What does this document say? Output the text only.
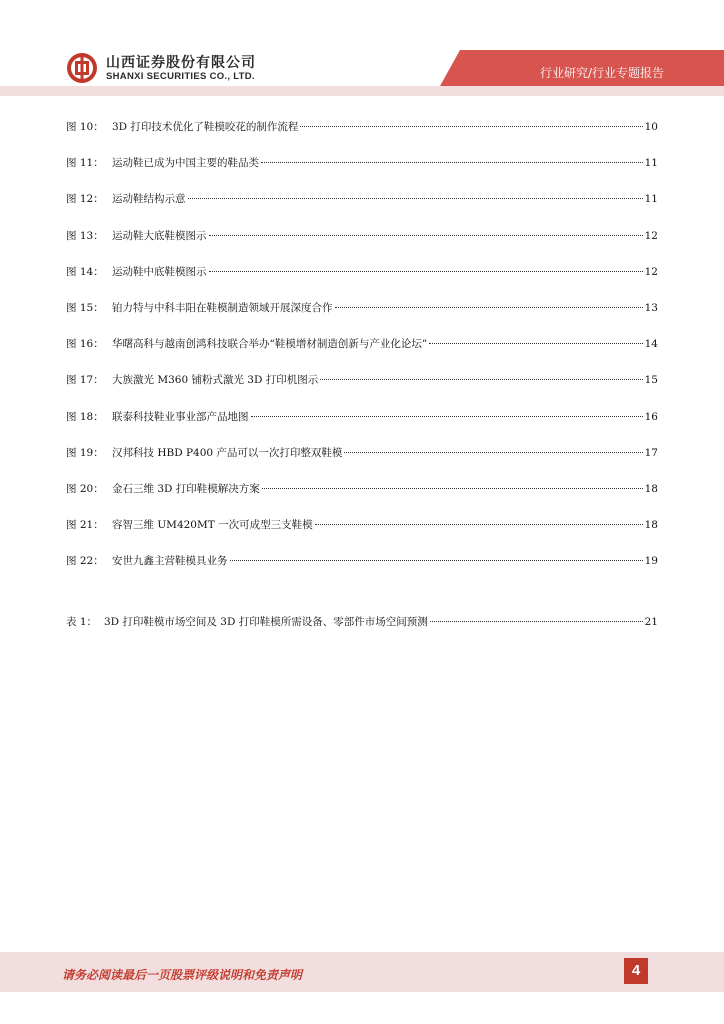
山西证券股份有限公司
SHANXI SECURITIES CO., LTD.	行业研究/行业专题报告
图 10： 3D 打印技术优化了鞋模咬花的制作流程	10
图 11： 运动鞋已成为中国主要的鞋品类	11
图 12： 运动鞋结构示意	11
图 13： 运动鞋大底鞋模图示	12
图 14： 运动鞋中底鞋模图示	12
图 15： 铂力特与中科丰阳在鞋模制造领域开展深度合作	13
图 16： 华曙高科与越南创鸿科技联合举办“鞋模增材制造创新与产业化论坛”	14
图 17： 大族激光 M360 铺粉式激光 3D 打印机图示	15
图 18： 联泰科技鞋业事业部产品地图	16
图 19： 汉邦科技 HBD P400 产品可以一次打印整双鞋模	17
图 20： 金石三维 3D 打印鞋模解决方案	18
图 21： 容智三维 UM420MT 一次可成型三支鞋模	18
图 22： 安世九鑫主营鞋模具业务	19
表 1： 3D 打印鞋模市场空间及 3D 打印鞋模所需设备、零部件市场空间预测	21
请务必阅读最后一页股票评级说明和免责声明	4
